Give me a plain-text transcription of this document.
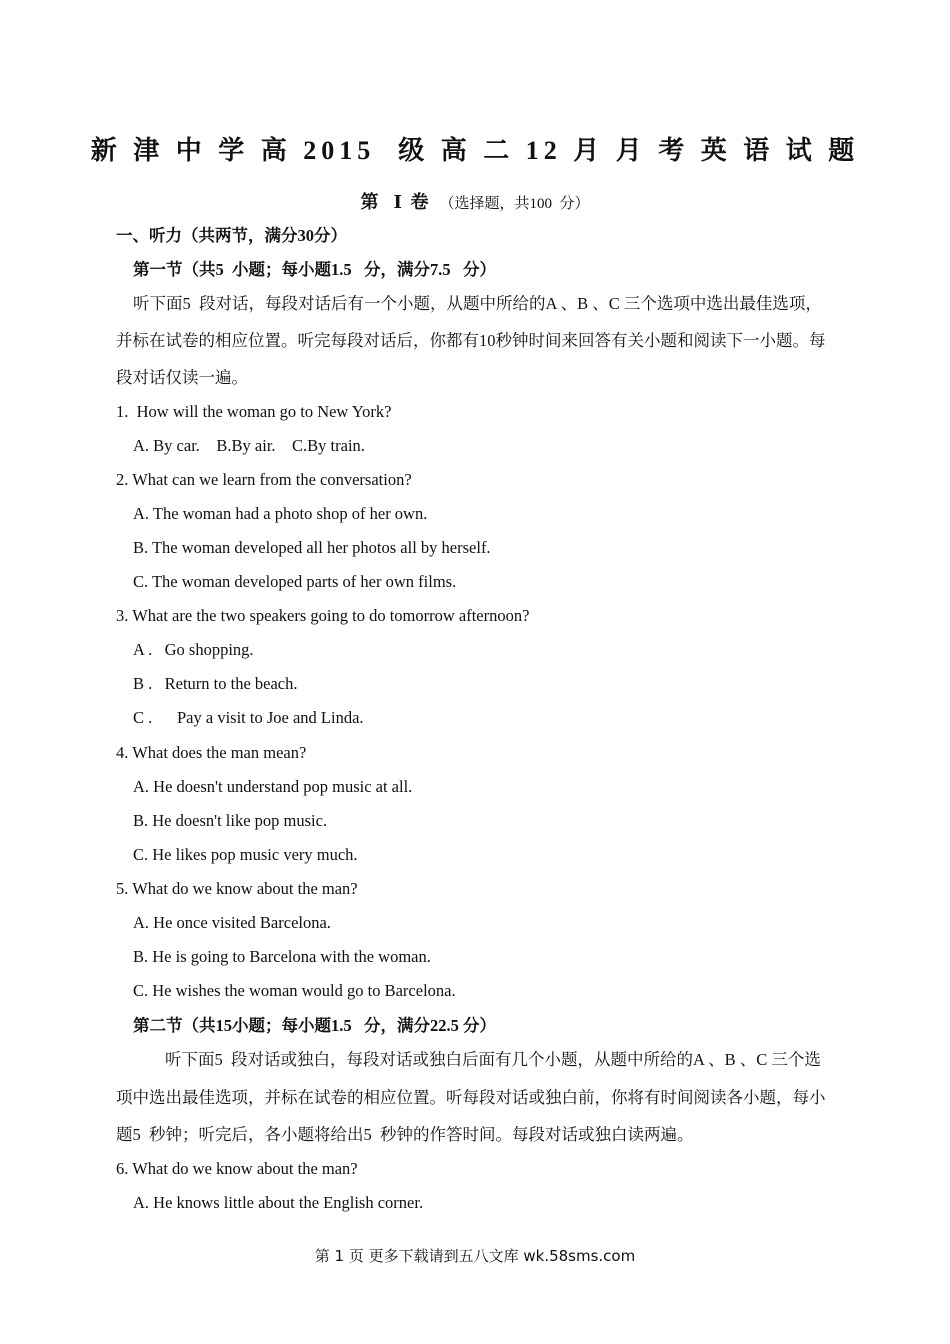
新 津 中 学 高 2015  级 高 二 12 月 月 考 英 语 试 题
第  Ⅰ 卷 （选择题，共100  分）
一、听力（共两节，满分30分）
第一节（共5  小题；每小题1.5   分，满分7.5   分）
听下面5  段对话，每段对话后有一个小题，从题中所给的A 、B 、C 三个选项中选出最佳选项，
并标在试卷的相应位置。听完每段对话后，你都有10秒钟时间来回答有关小题和阅读下一小题。每
段对话仅读一遍。
1.  How will the woman go to New York?
A. By car.    B.By air.    C.By train.
2. What can we learn from the conversation?
A. The woman had a photo shop of her own.
B. The woman developed all her photos all by herself.
C. The woman developed parts of her own films.
3. What are the two speakers going to do tomorrow afternoon?
A .   Go shopping.
B .   Return to the beach.
C .      Pay a visit to Joe and Linda.
4. What does the man mean?
A. He doesn't understand pop music at all.
B. He doesn't like pop music.
C. He likes pop music very much.
5. What do we know about the man?
A. He once visited Barcelona.
B. He is going to Barcelona with the woman.
C. He wishes the woman would go to Barcelona.
第二节（共15小题；每小题1.5   分，满分22.5 分）
听下面5  段对话或独白，每段对话或独白后面有几个小题，从题中所给的A 、B 、C 三个选
项中选出最佳选项，并标在试卷的相应位置。听每段对话或独白前，你将有时间阅读各小题，每小
题5  秒钟；听完后，各小题将给出5  秒钟的作答时间。每段对话或独白读两遍。
6. What do we know about the man?
A. He knows little about the English corner.
第 1 页 更多下载请到五八文库 wk.58sms.com
